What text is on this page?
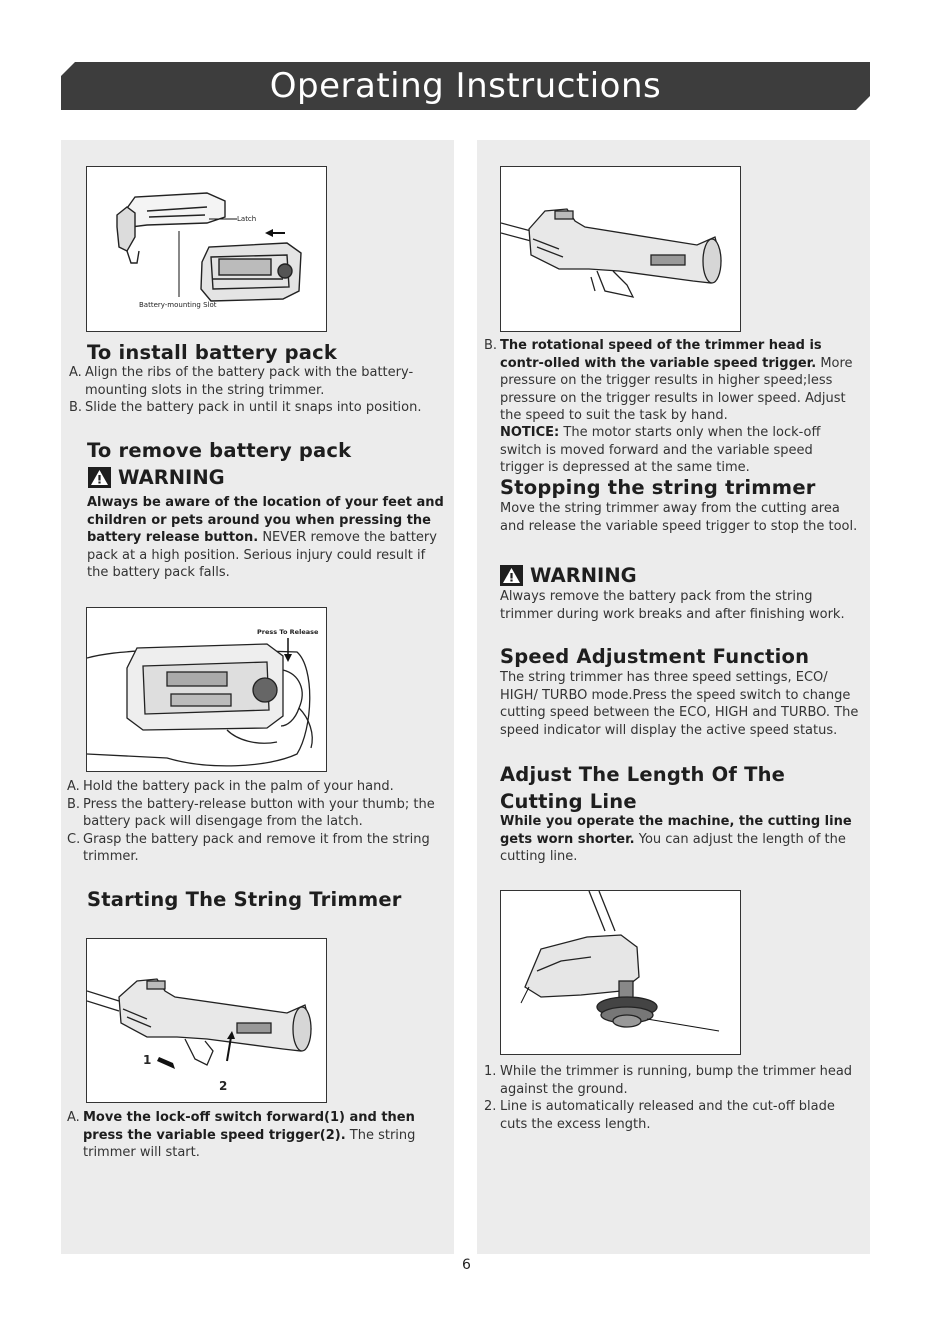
Operating Instructions
Latch
Battery-mounting Slot
To install battery pack
A. Align the ribs of the battery pack with the battery-mounting slots in the string trimmer.
B. Slide the battery pack in until it snaps into position.
To remove battery pack
WARNING
Always be aware of the location of your feet and children or pets around you when pressing the battery release button. NEVER remove the battery pack at a high position. Serious injury could result if the battery pack falls.
Press To Release
A. Hold the battery pack in the palm of your hand.
B. Press the battery-release button with your thumb; the battery pack will disengage from the latch.
C. Grasp the battery pack and remove it from the string trimmer.
Starting The String Trimmer
1
2
A. Move the lock-off switch forward(1) and then press the variable speed trigger(2). The string trimmer will start.
B. The rotational speed of the trimmer head is contr-olled with the variable speed trigger. More pressure on the trigger results in higher speed;less pressure on the trigger results in lower speed. Adjust the speed to suit the task by hand.
NOTICE: The motor starts only when the lock-off switch is moved forward and the variable speed trigger is depressed at the same time.
Stopping the string trimmer
Move the string trimmer away from the cutting area and release the variable speed trigger to stop the tool.
WARNING
Always remove the battery pack from the string trimmer during work breaks and after finishing work.
Speed Adjustment Function
The string trimmer has three speed settings, ECO/ HIGH/ TURBO mode.Press the speed switch to change cutting speed between the ECO, HIGH and TURBO. The speed indicator will display the active speed status.
Adjust The Length Of The
Cutting Line
While you operate the machine, the cutting line gets worn shorter. You can adjust the length of the cutting line.
1. While the trimmer is running, bump the trimmer head against the ground.
2. Line is automatically released and the cut-off blade cuts the excess length.
6
